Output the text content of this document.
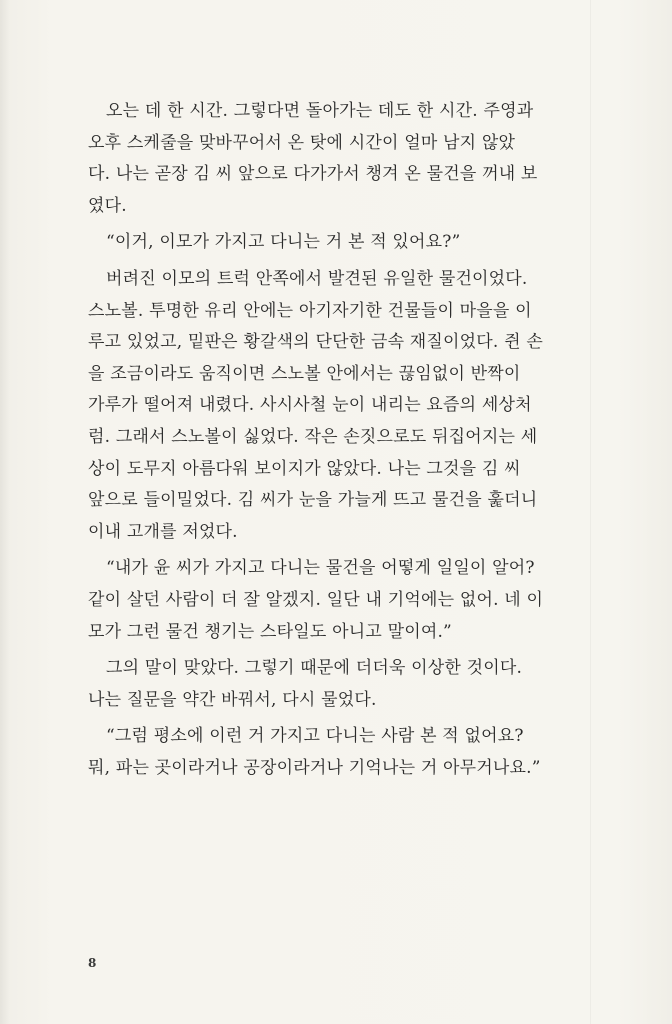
오는 데 한 시간. 그렇다면 돌아가는 데도 한 시간. 주영과
오후 스케줄을 맞바꾸어서 온 탓에 시간이 얼마 남지 않았
다. 나는 곧장 김 씨 앞으로 다가가서 챙겨 온 물건을 꺼내 보
였다.

“이거, 이모가 가지고 다니는 거 본 적 있어요?”

버려진 이모의 트럭 안쪽에서 발견된 유일한 물건이었다.
스노볼. 투명한 유리 안에는 아기자기한 건물들이 마을을 이
루고 있었고, 밑판은 황갈색의 단단한 금속 재질이었다. 쥔 손
을 조금이라도 움직이면 스노볼 안에서는 끊임없이 반짝이
가루가 떨어져 내렸다. 사시사철 눈이 내리는 요즘의 세상처
럼. 그래서 스노볼이 싫었다. 작은 손짓으로도 뒤집어지는 세
상이 도무지 아름다워 보이지가 않았다. 나는 그것을 김 씨
앞으로 들이밀었다. 김 씨가 눈을 가늘게 뜨고 물건을 훑더니
이내 고개를 저었다.

“내가 윤 씨가 가지고 다니는 물건을 어떻게 일일이 알어?
같이 살던 사람이 더 잘 알겠지. 일단 내 기억에는 없어. 네 이
모가 그런 물건 챙기는 스타일도 아니고 말이여.”

그의 말이 맞았다. 그렇기 때문에 더더욱 이상한 것이다.
나는 질문을 약간 바꿔서, 다시 물었다.

“그럼 평소에 이런 거 가지고 다니는 사람 본 적 없어요?
뭐, 파는 곳이라거나 공장이라거나 기억나는 거 아무거나요.”

8
